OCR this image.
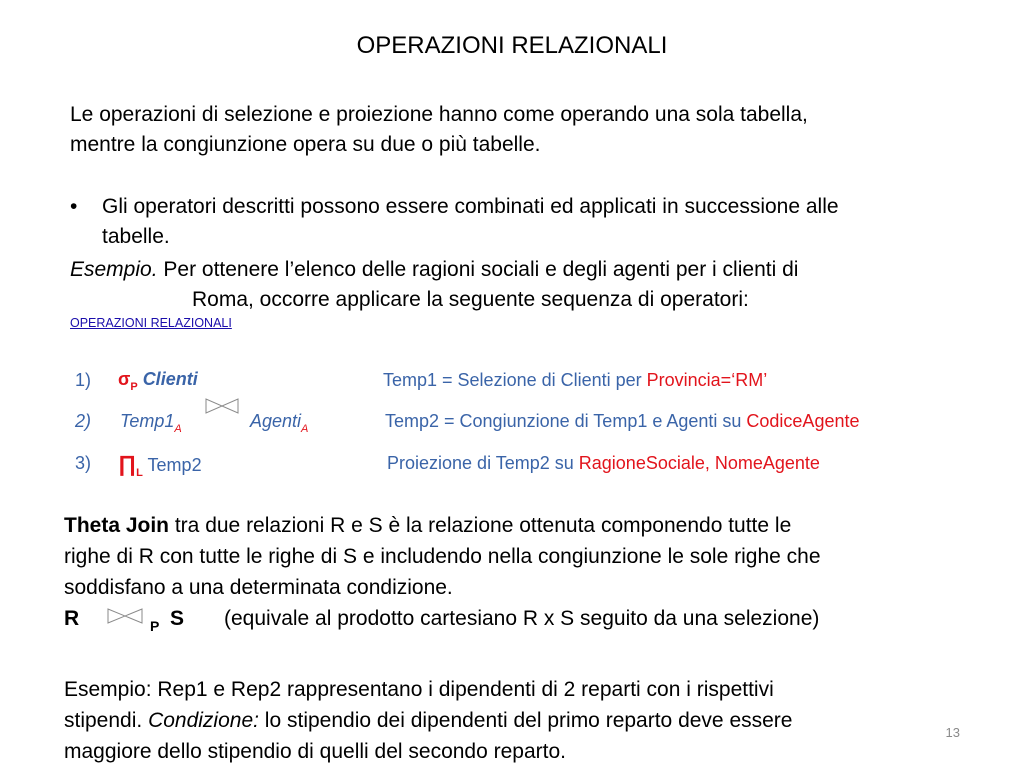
OPERAZIONI RELAZIONALI
Le operazioni di selezione e proiezione hanno come operando una sola tabella,
mentre la congiunzione opera su due o più tabelle.
•	Gli operatori descritti possono essere combinati ed applicati in successione alle
tabelle.
Esempio. Per ottenere l’elenco delle ragioni sociali e degli agenti per i clienti di
Roma, occorre applicare la seguente sequenza di operatori:
OPERAZIONI RELAZIONALI
1) $\sigma_P$ Clienti	Temp1 = Selezione di Clienti per Provincia=‘RM’
2) $Temp1_A$	Agenti$_A$	Temp2 = Congiunzione di Temp1 e Agenti su CodiceAgente
3) $\prod_L$ Temp2	Proiezione di Temp2 su RagioneSociale, NomeAgente
Theta Join tra due relazioni R e S è la relazione ottenuta componendo tutte le
righe di R con tutte le righe di S e includendo nella congiunzione le sole righe che
soddisfano a una determinata condizione.

R	P S (equivale al prodotto cartesiano R x S seguito da una selezione)

Esempio: Rep1 e Rep2 rappresentano i dipendenti di 2 reparti con i rispettivi
stipendi. Condizione: lo stipendio dei dipendenti del primo reparto deve essere
maggiore dello stipendio di quelli del secondo reparto.
13
